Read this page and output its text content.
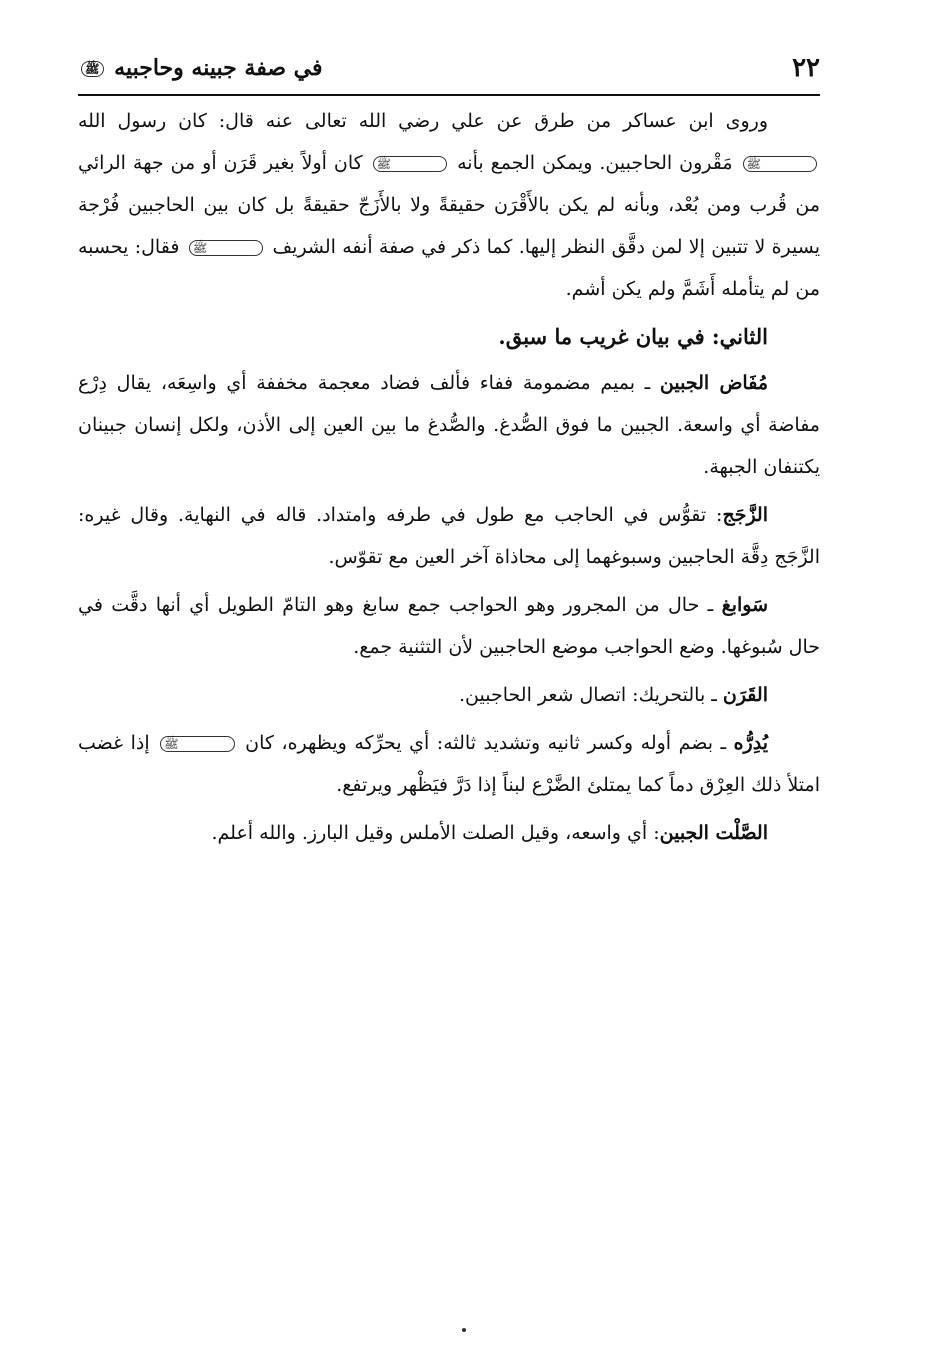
٢٢
في صفة جبينه وحاجبيه ﷺ

وروى ابن عساكر من طرق عن علي رضي الله تعالى عنه قال: كان رسول الله ﷺ مَقْرون الحاجبين. ويمكن الجمع بأنه ﷺ كان أولاً بغير قَرَن أو من جهة الرائي من قُرب ومن بُعْد، وبأنه لم يكن بالأَقْرَن حقيقةً ولا بالأَزَجّ حقيقةً بل كان بين الحاجبين فُرْجة يسيرة لا تتبين إلا لمن دقَّق النظر إليها. كما ذكر في صفة أنفه الشريف ﷺ فقال: يحسبه من لم يتأمله أَشَمَّ ولم يكن أشم.

الثاني: في بيان غريب ما سبق.

مُفَاض الجبين ـ بميم مضمومة ففاء فألف فضاد معجمة مخففة أي واسِعَه، يقال دِرْع مفاضة أي واسعة. الجبين ما فوق الصُّدغ. والصُّدغ ما بين العين إلى الأذن، ولكل إنسان جبينان يكتنفان الجبهة.

الزَّجَج: تقوُّس في الحاجب مع طول في طرفه وامتداد. قاله في النهاية. وقال غيره: الزَّجَج دِقَّة الحاجبين وسبوغهما إلى محاذاة آخر العين مع تقوّس.

سَوابغ ـ حال من المجرور وهو الحواجب جمع سابغ وهو التامّ الطويل أي أنها دقَّت في حال سُبوغها. وضع الحواجب موضع الحاجبين لأن التثنية جمع.

القَرَن ـ بالتحريك: اتصال شعر الحاجبين.

يُدِرُّه ـ بضم أوله وكسر ثانيه وتشديد ثالثه: أي يحرِّكه ويظهره، كان ﷺ إذا غضب امتلأ ذلك العِرْق دماً كما يمتلئ الضَّرْع لبناً إذا دَرَّ فيَظْهر ويرتفع.

الصَّلْت الجبين: أي واسعه، وقيل الصلت الأملس وقيل البارز. والله أعلم.
